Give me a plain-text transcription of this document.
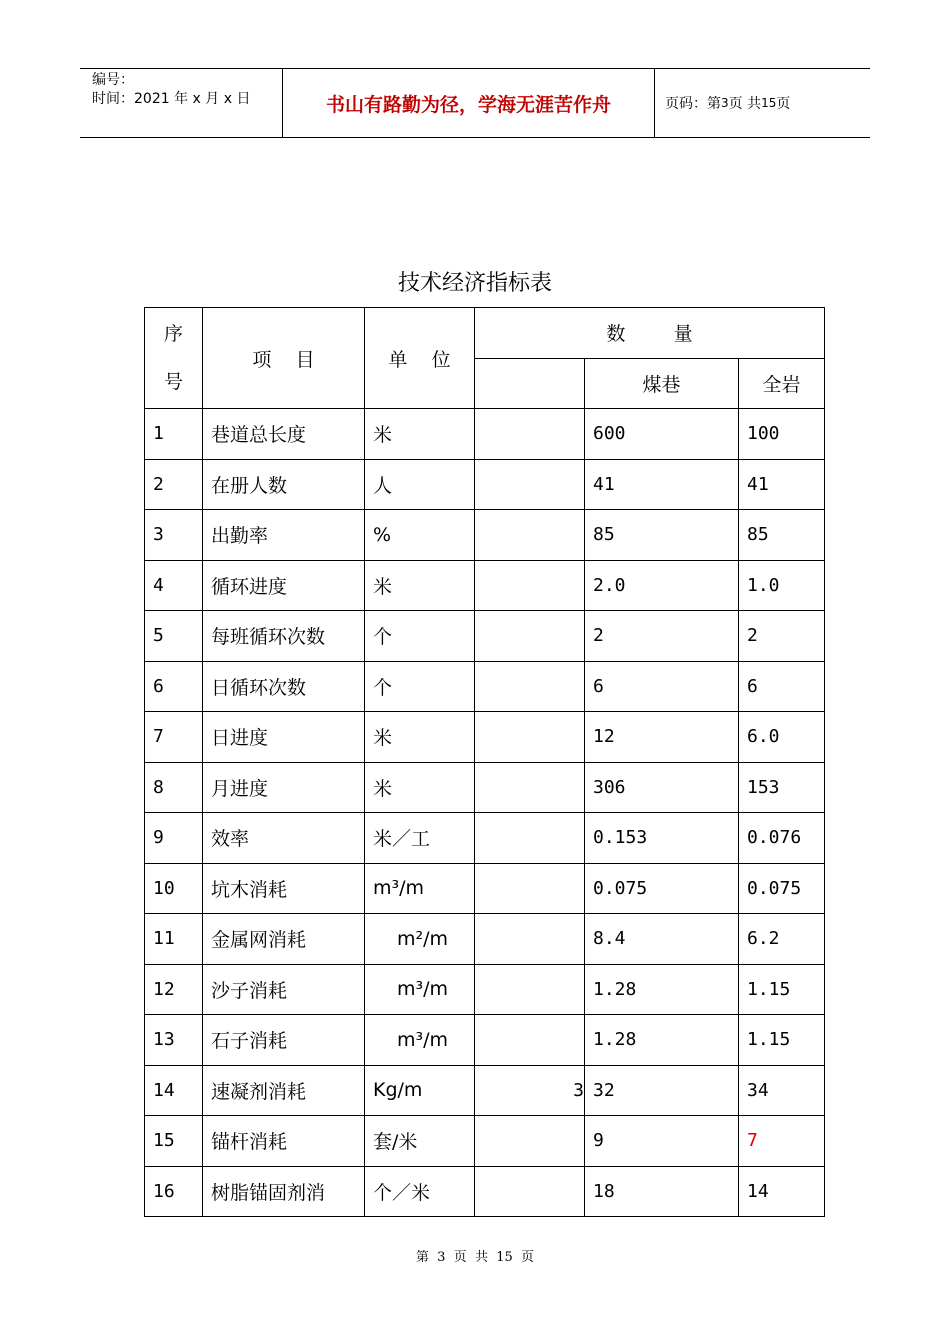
编号：
时间：2021 年 x 月 x 日	书山有路勤为径，学海无涯苦作舟	页码：第 3 页 共 15 页
技术经济指标表
序
号	项    目	单    位	数        量		
				煤巷	全岩
1	巷道总长度	米		600	100
2	在册人数	人		41	41
3	出勤率	%		85	85
4	循环进度	米		2.0	1.0
5	每班循环次数	个		2	2
6	日循环次数	个		6	6
7	日进度	米		12	6.0
8	月进度	米		306	153
9	效率	米／工		0.153	0.076
10	坑木消耗	m³/m		0.075	0.075
11	金属网消耗	m²/m		8.4	6.2
12	沙子消耗	m³/m		1.28	1.15
13	石子消耗	m³/m		1.28	1.15
14	速凝剂消耗	Kg/m	3	32	34
15	锚杆消耗	套/米		9	7
16	树脂锚固剂消	个／米		18	14
第  3  页  共  15  页
